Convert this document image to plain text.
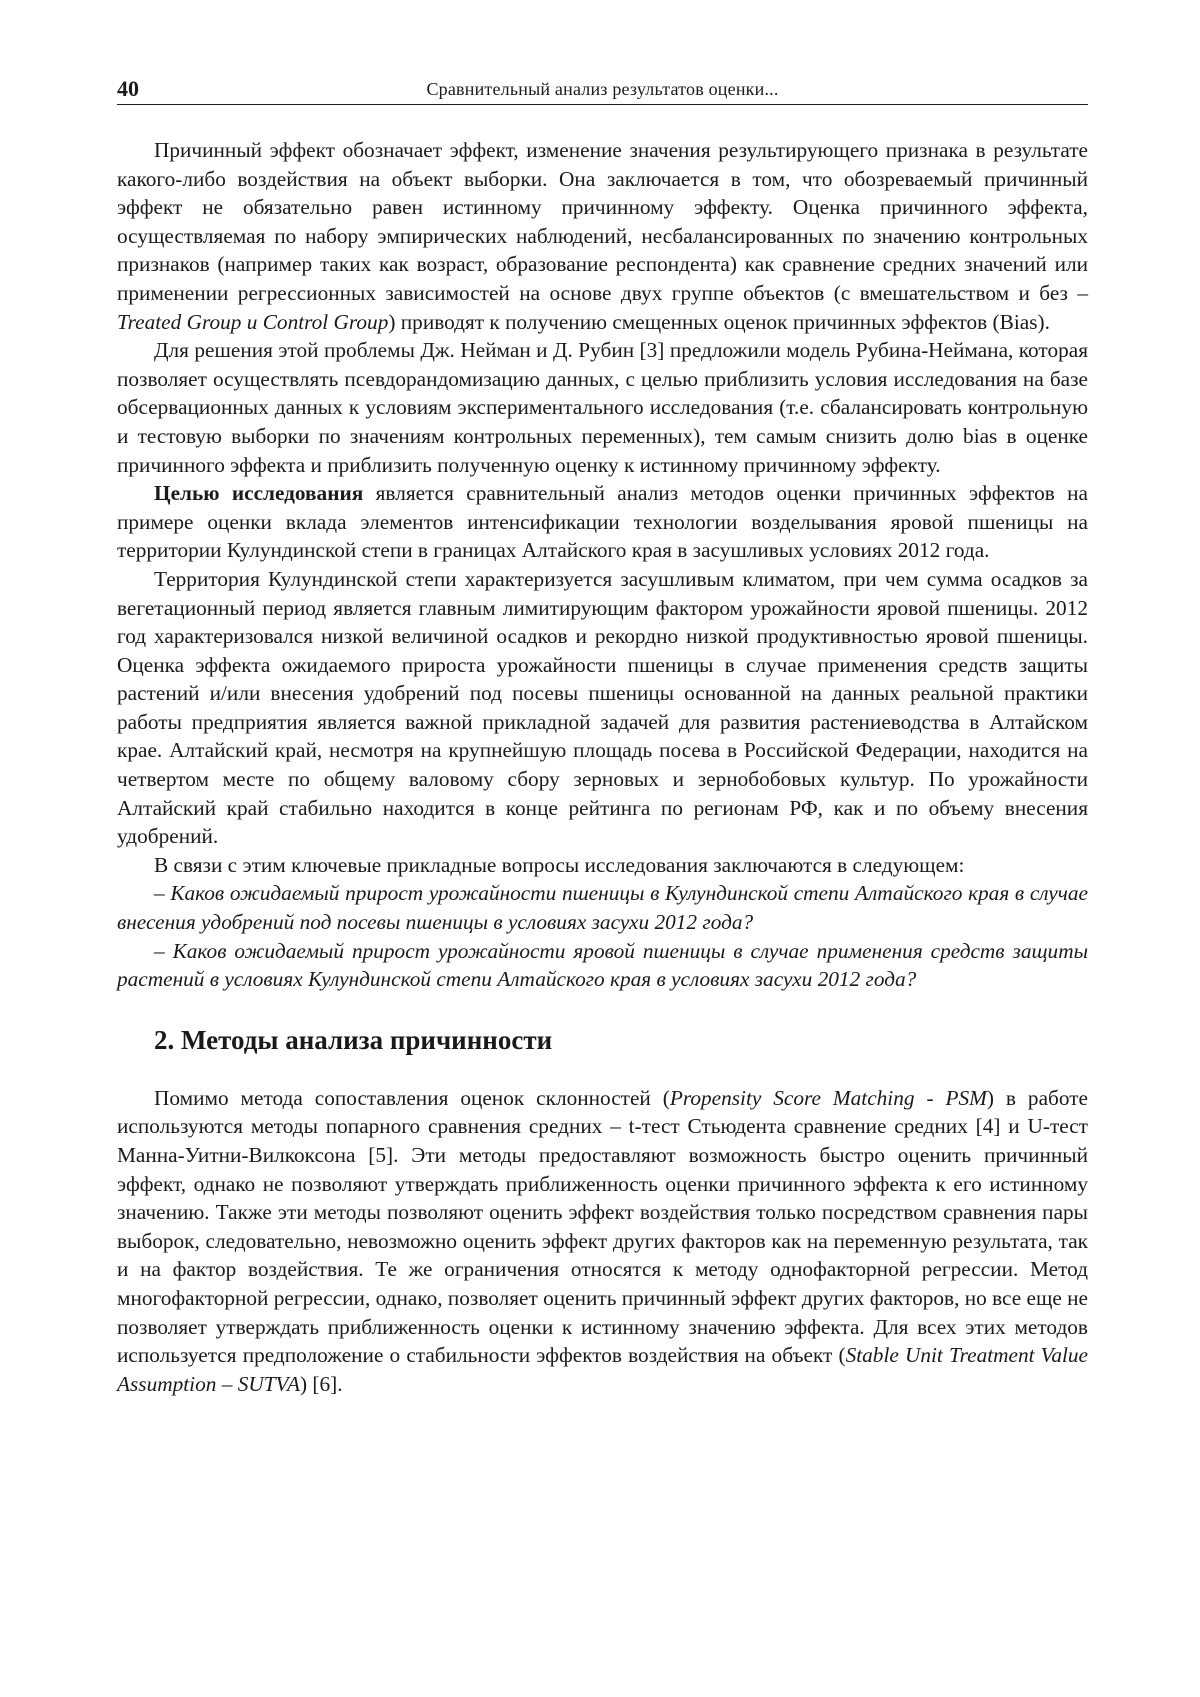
40	Сравнительный анализ результатов оценки...

Причинный эффект обозначает эффект, изменение значения результирующего признака в результате какого-либо воздействия на объект выборки. Она заключается в том, что обозреваемый причинный эффект не обязательно равен истинному причинному эффекту. Оценка причинного эффекта, осуществляемая по набору эмпирических наблюдений, несбалансированных по значению контрольных признаков (например таких как возраст, образование респондента) как сравнение средних значений или применении регрессионных зависимостей на основе двух группе объектов (с вмешательством и без – Treated Group и Control Group) приводят к получению смещенных оценок причинных эффектов (Bias).

Для решения этой проблемы Дж. Нейман и Д. Рубин [3] предложили модель Рубина-Неймана, которая позволяет осуществлять псевдорандомизацию данных, с целью приблизить условия исследования на базе обсервационных данных к условиям экспериментального исследования (т.е. сбалансировать контрольную и тестовую выборки по значениям контрольных переменных), тем самым снизить долю bias в оценке причинного эффекта и приблизить полученную оценку к истинному причинному эффекту.

Целью исследования является сравнительный анализ методов оценки причинных эффектов на примере оценки вклада элементов интенсификации технологии возделывания яровой пшеницы на территории Кулундинской степи в границах Алтайского края в засушливых условиях 2012 года.

Территория Кулундинской степи характеризуется засушливым климатом, при чем сумма осадков за вегетационный период является главным лимитирующим фактором урожайности яровой пшеницы. 2012 год характеризовался низкой величиной осадков и рекордно низкой продуктивностью яровой пшеницы. Оценка эффекта ожидаемого прироста урожайности пшеницы в случае применения средств защиты растений и/или внесения удобрений под посевы пшеницы основанной на данных реальной практики работы предприятия является важной прикладной задачей для развития растениеводства в Алтайском крае. Алтайский край, несмотря на крупнейшую площадь посева в Российской Федерации, находится на четвертом месте по общему валовому сбору зерновых и зернобобовых культур. По урожайности Алтайский край стабильно находится в конце рейтинга по регионам РФ, как и по объему внесения удобрений.

В связи с этим ключевые прикладные вопросы исследования заключаются в следующем:

– Каков ожидаемый прирост урожайности пшеницы в Кулундинской степи Алтайского края в случае внесения удобрений под посевы пшеницы в условиях засухи 2012 года?

– Каков ожидаемый прирост урожайности яровой пшеницы в случае применения средств защиты растений в условиях Кулундинской степи Алтайского края в условиях засухи 2012 года?

2. Методы анализа причинности

Помимо метода сопоставления оценок склонностей (Propensity Score Matching - PSM) в работе используются методы попарного сравнения средних – t-тест Стьюдента сравнение средних [4] и U-тест Манна-Уитни-Вилкоксона [5]. Эти методы предоставляют возможность быстро оценить причинный эффект, однако не позволяют утверждать приближенность оценки причинного эффекта к его истинному значению. Также эти методы позволяют оценить эффект воздействия только посредством сравнения пары выборок, следовательно, невозможно оценить эффект других факторов как на переменную результата, так и на фактор воздействия. Те же ограничения относятся к методу однофакторной регрессии. Метод многофакторной регрессии, однако, позволяет оценить причинный эффект других факторов, но все еще не позволяет утверждать приближенность оценки к истинному значению эффекта. Для всех этих методов используется предположение о стабильности эффектов воздействия на объект (Stable Unit Treatment Value Assumption – SUTVA) [6].
